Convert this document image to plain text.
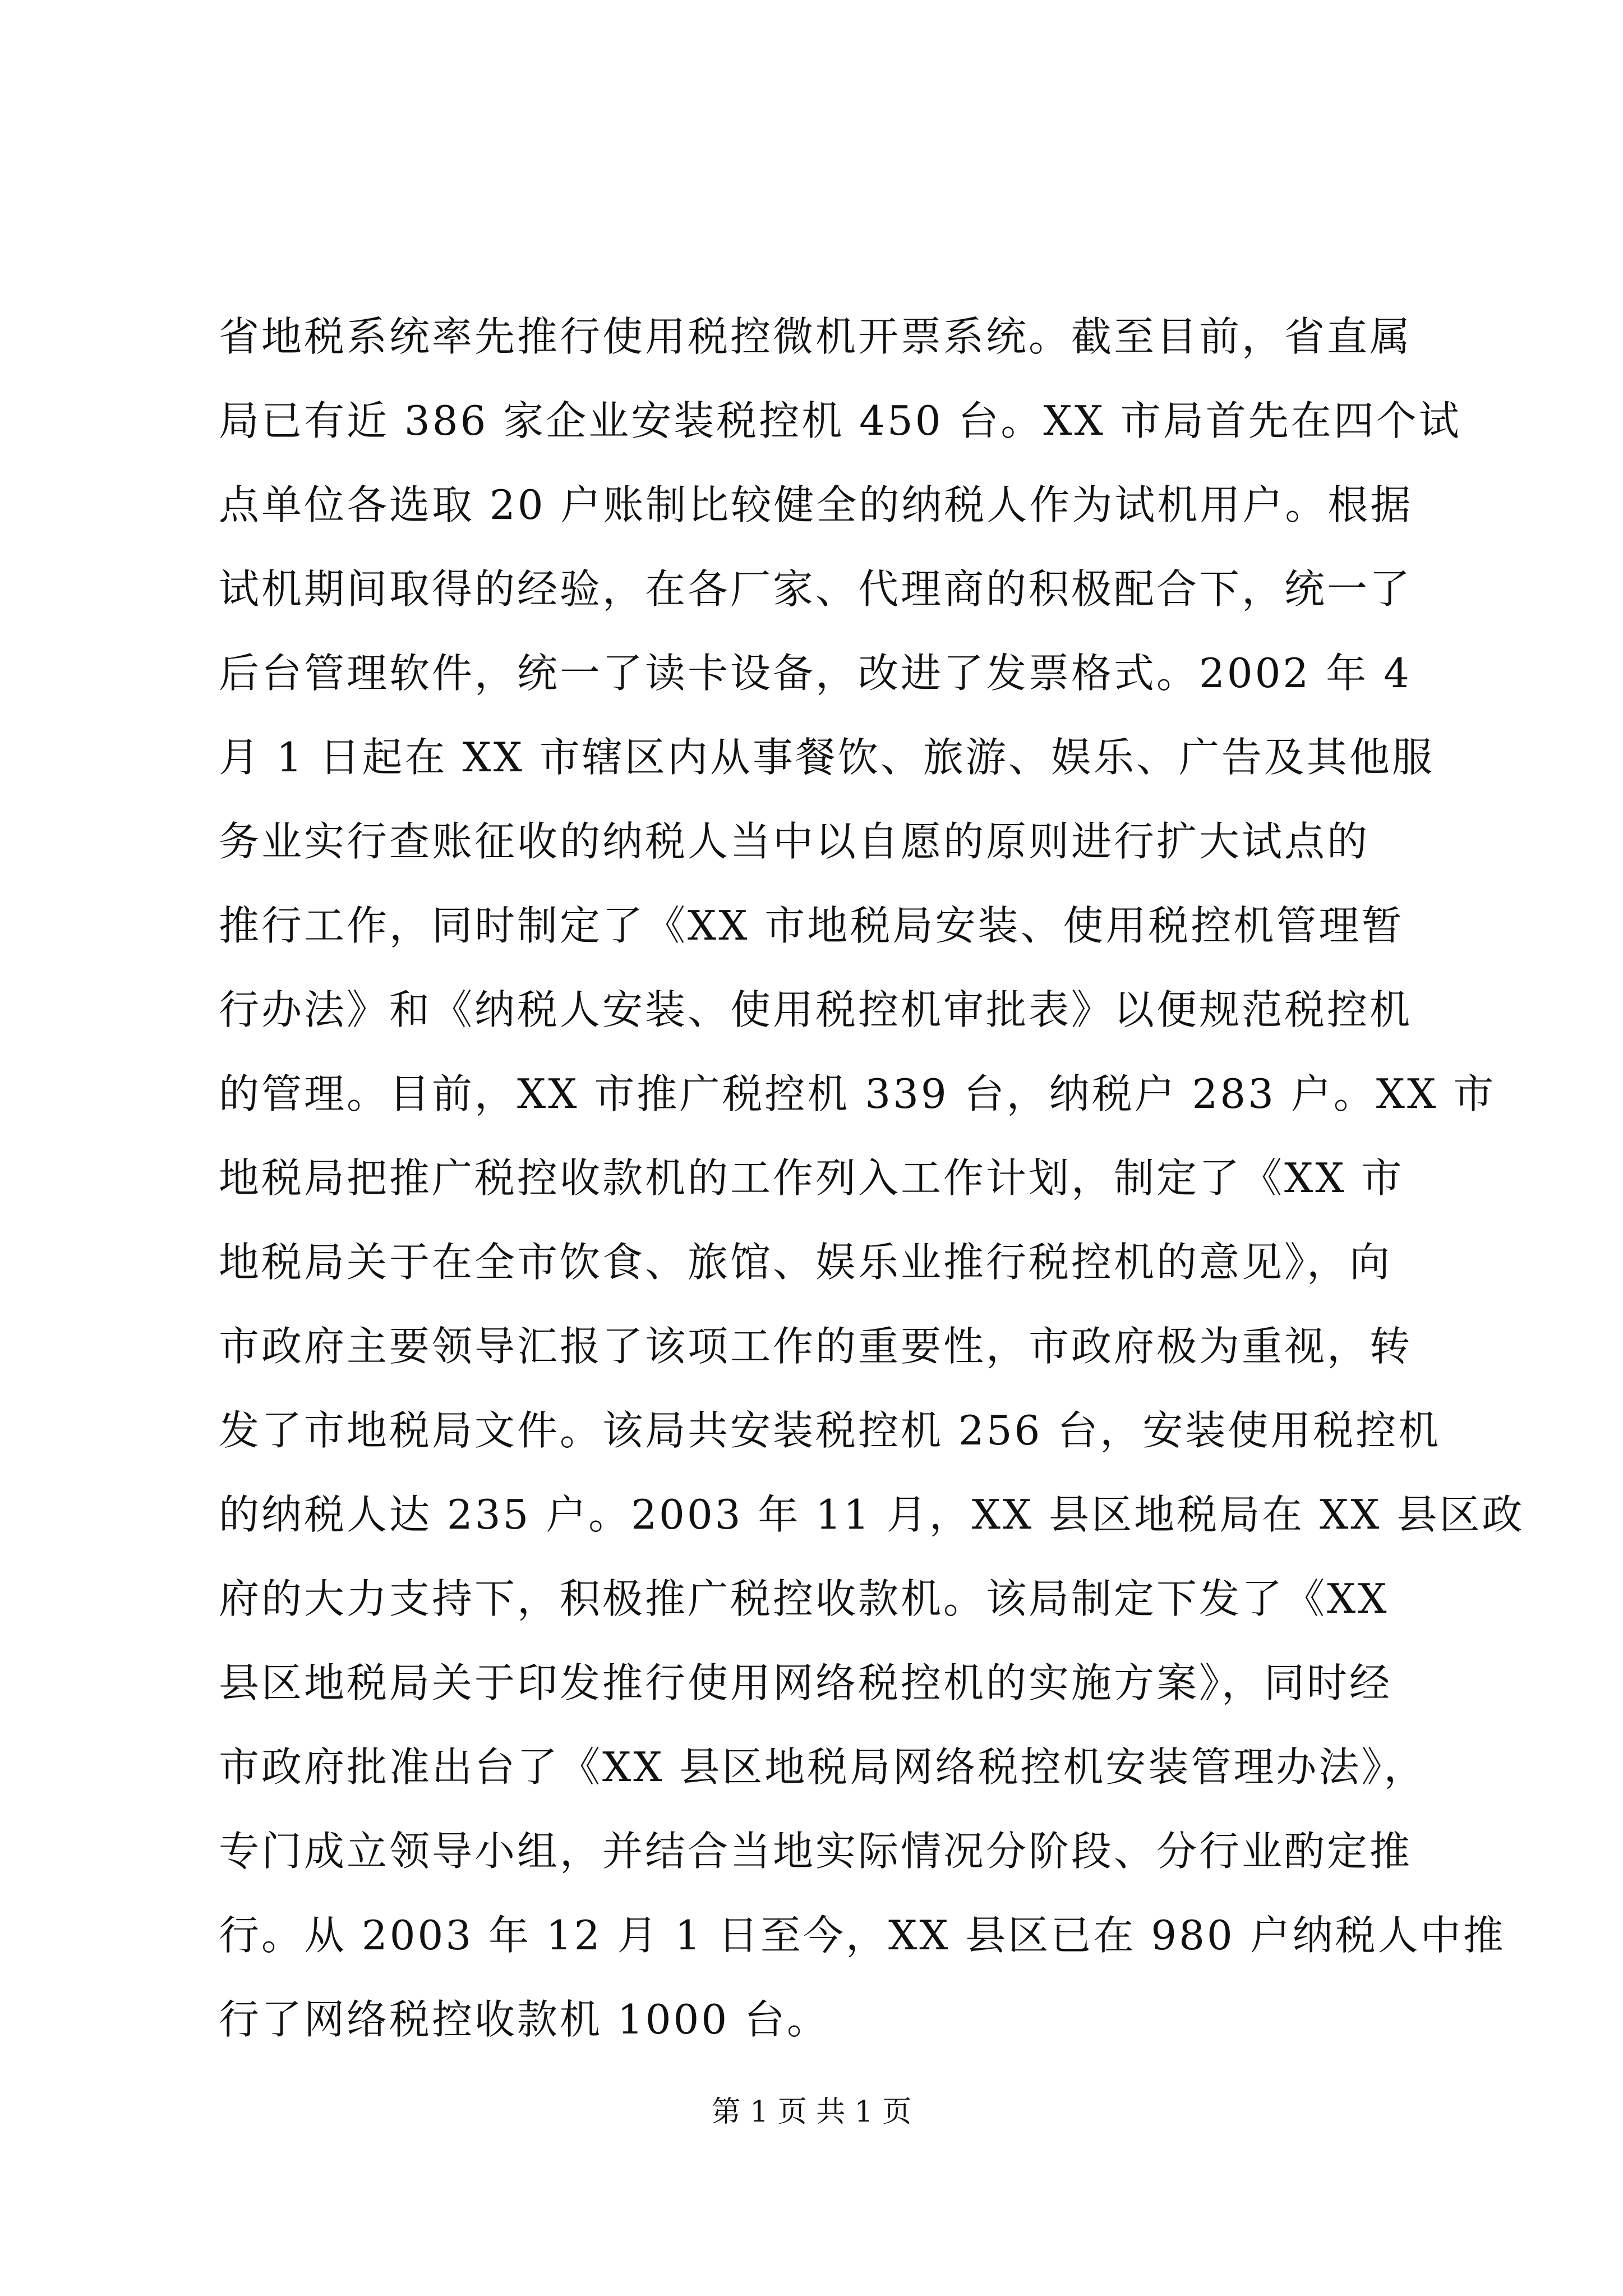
省地税系统率先推行使用税控微机开票系统。截至目前，省直属
局已有近 386 家企业安装税控机 450 台。XX 市局首先在四个试
点单位各选取 20 户账制比较健全的纳税人作为试机用户。根据
试机期间取得的经验，在各厂家、代理商的积极配合下，统一了
后台管理软件，统一了读卡设备，改进了发票格式。2002 年 4
月 1 日起在 XX 市辖区内从事餐饮、旅游、娱乐、广告及其他服
务业实行查账征收的纳税人当中以自愿的原则进行扩大试点的
推行工作，同时制定了《XX 市地税局安装、使用税控机管理暂
行办法》和《纳税人安装、使用税控机审批表》以便规范税控机
的管理。目前，XX 市推广税控机 339 台，纳税户 283 户。XX 市
地税局把推广税控收款机的工作列入工作计划，制定了《XX 市
地税局关于在全市饮食、旅馆、娱乐业推行税控机的意见》，向
市政府主要领导汇报了该项工作的重要性，市政府极为重视，转
发了市地税局文件。该局共安装税控机 256 台，安装使用税控机
的纳税人达 235 户。2003 年 11 月，XX 县区地税局在 XX 县区政
府的大力支持下，积极推广税控收款机。该局制定下发了《XX
县区地税局关于印发推行使用网络税控机的实施方案》，同时经
市政府批准出台了《XX 县区地税局网络税控机安装管理办法》，
专门成立领导小组，并结合当地实际情况分阶段、分行业酌定推
行。从 2003 年 12 月 1 日至今，XX 县区已在 980 户纳税人中推
行了网络税控收款机 1000 台。
第 1 页 共 1 页
